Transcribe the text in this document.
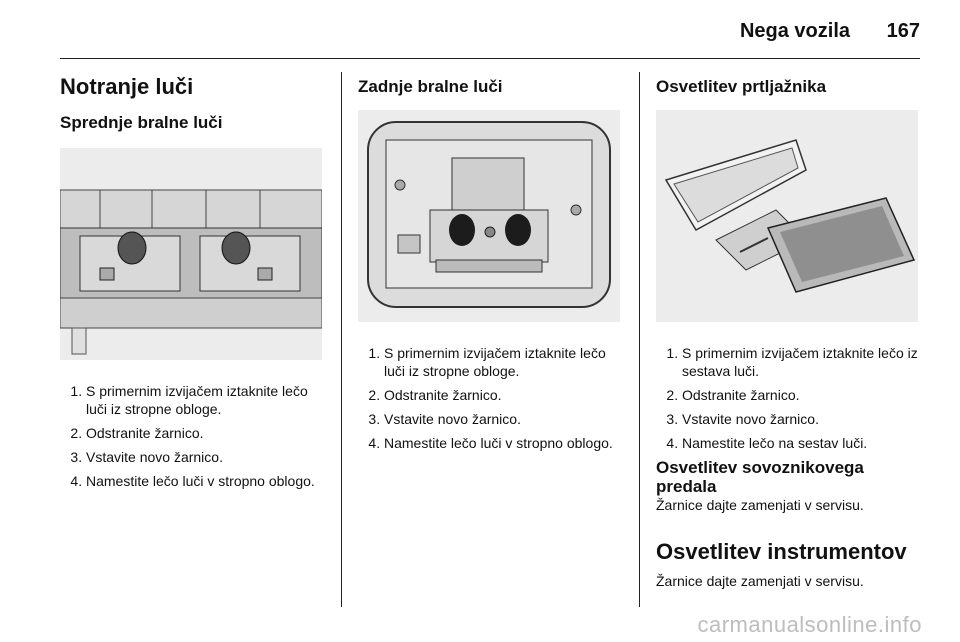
Nega vozila 167
Notranje luči
Sprednje bralne luči
1. S primernim izvijačem iztaknite lečo luči iz stropne obloge.
2. Odstranite žarnico.
3. Vstavite novo žarnico.
4. Namestite lečo luči v stropno oblogo.
Zadnje bralne luči
1. S primernim izvijačem iztaknite lečo luči iz stropne obloge.
2. Odstranite žarnico.
3. Vstavite novo žarnico.
4. Namestite lečo luči v stropno oblogo.
Osvetlitev prtljažnika
1. S primernim izvijačem iztaknite lečo iz sestava luči.
2. Odstranite žarnico.
3. Vstavite novo žarnico.
4. Namestite lečo na sestav luči.
Osvetlitev sovoznikovega predala

Žarnice dajte zamenjati v servisu.

Osvetlitev instrumentov

Žarnice dajte zamenjati v servisu.

carmanualsonline.info
